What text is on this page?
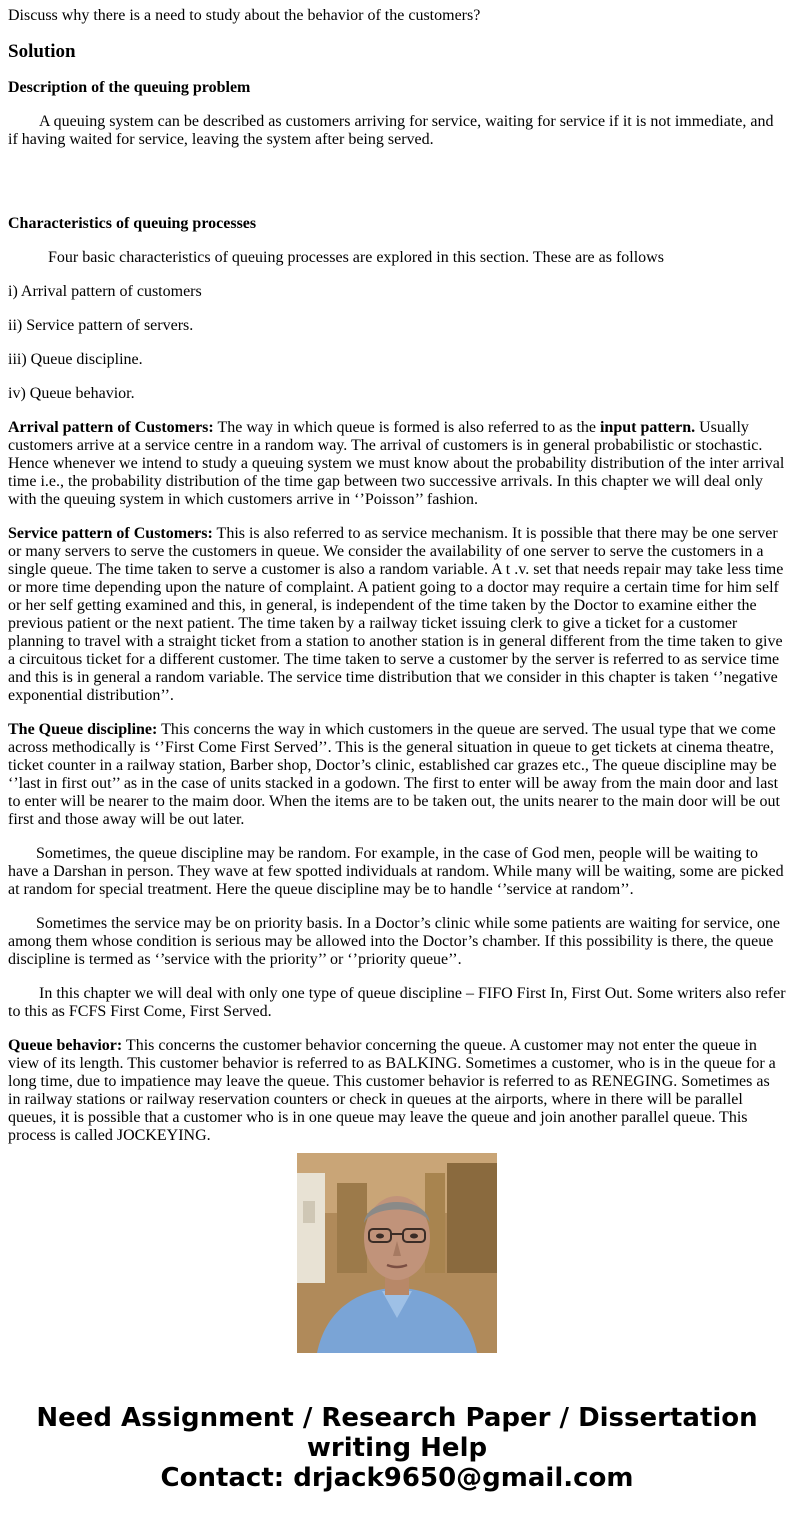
Discuss why there is a need to study about the behavior of the customers?

Solution
Description of the queuing problem

A queuing system can be described as customers arriving for service, waiting for service if it is not immediate, and if having waited for service, leaving the system after being served.

Characteristics of queuing processes

Four basic characteristics of queuing processes are explored in this section. These are as follows

i) Arrival pattern of customers

ii) Service pattern of servers.

iii) Queue discipline.

iv) Queue behavior.

Arrival pattern of Customers: The way in which queue is formed is also referred to as the input pattern. Usually customers arrive at a service centre in a random way. The arrival of customers is in general probabilistic or stochastic. Hence whenever we intend to study a queuing system we must know about the probability distribution of the inter arrival time i.e., the probability distribution of the time gap between two successive arrivals. In this chapter we will deal only with the queuing system in which customers arrive in ‘’Poisson’’ fashion.

Service pattern of Customers: This is also referred to as service mechanism. It is possible that there may be one server or many servers to serve the customers in queue. We consider the availability of one server to serve the customers in a single queue. The time taken to serve a customer is also a random variable. A t .v. set that needs repair may take less time or more time depending upon the nature of complaint. A patient going to a doctor may require a certain time for him self or her self getting examined and this, in general, is independent of the time taken by the Doctor to examine either the previous patient or the next patient. The time taken by a railway ticket issuing clerk to give a ticket for a customer planning to travel with a straight ticket from a station to another station is in general different from the time taken to give a circuitous ticket for a different customer. The time taken to serve a customer by the server is referred to as service time and this is in general a random variable. The service time distribution that we consider in this chapter is taken ‘’negative exponential distribution’’.

The Queue discipline: This concerns the way in which customers in the queue are served. The usual type that we come across methodically is ‘’First Come First Served’’. This is the general situation in queue to get tickets at cinema theatre, ticket counter in a railway station, Barber shop, Doctor’s clinic, established car grazes etc., The queue discipline may be ‘’last in first out’’ as in the case of units stacked in a godown. The first to enter will be away from the main door and last to enter will be nearer to the maim door. When the items are to be taken out, the units nearer to the main door will be out first and those away will be out later.

Sometimes, the queue discipline may be random. For example, in the case of God men, people will be waiting to have a Darshan in person. They wave at few spotted individuals at random. While many will be waiting, some are picked at random for special treatment. Here the queue discipline may be to handle ‘’service at random’’.

Sometimes the service may be on priority basis. In a Doctor’s clinic while some patients are waiting for service, one among them whose condition is serious may be allowed into the Doctor’s chamber. If this possibility is there, the queue discipline is termed as ‘’service with the priority’’ or ‘’priority queue’’.

In this chapter we will deal with only one type of queue discipline – FIFO First In, First Out. Some writers also refer to this as FCFS First Come, First Served.

Queue behavior: This concerns the customer behavior concerning the queue. A customer may not enter the queue in view of its length. This customer behavior is referred to as BALKING. Sometimes a customer, who is in the queue for a long time, due to impatience may leave the queue. This customer behavior is referred to as RENEGING. Sometimes as in railway stations or railway reservation counters or check in queues at the airports, where in there will be parallel queues, it is possible that a customer who is in one queue may leave the queue and join another parallel queue. This process is called JOCKEYING.

Need Assignment / Research Paper / Dissertation writing Help
Contact: drjack9650@gmail.com
